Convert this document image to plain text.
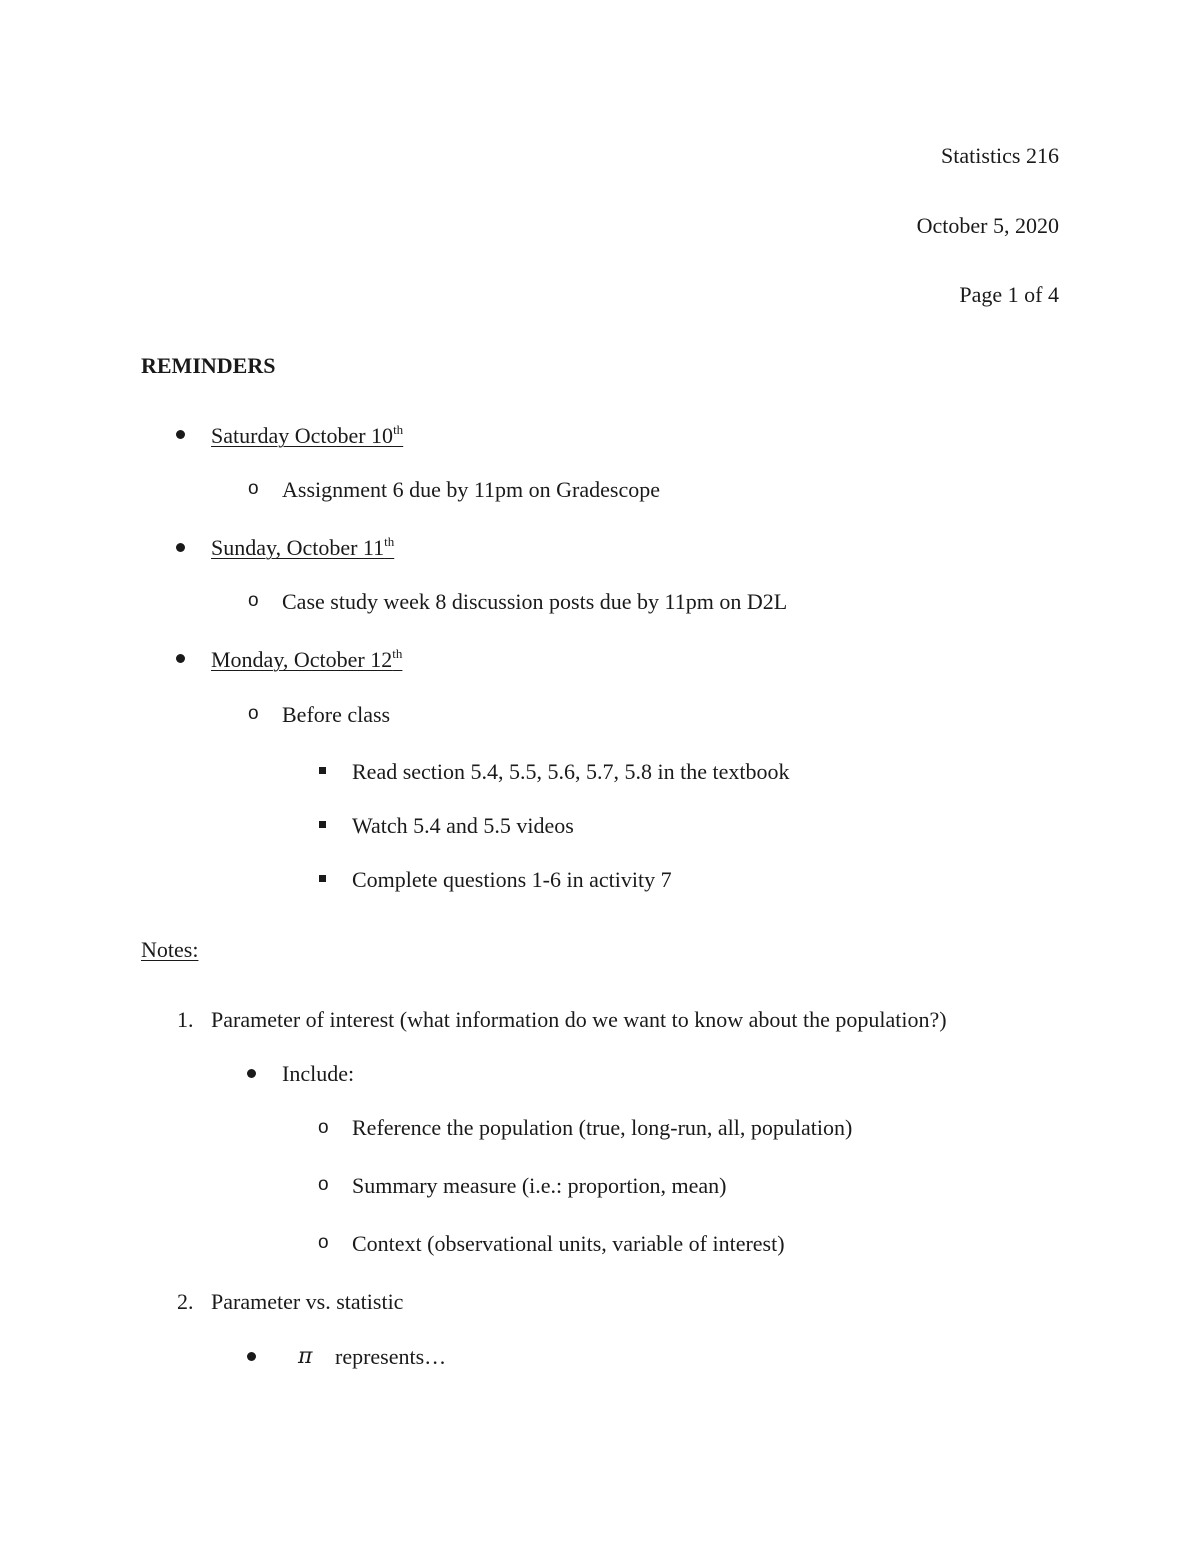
Statistics 216
October 5, 2020
Page 1 of 4
REMINDERS
Saturday October 10th
o Assignment 6 due by 11pm on Gradescope
Sunday, October 11th
o Case study week 8 discussion posts due by 11pm on D2L
Monday, October 12th
o Before class
Read section 5.4, 5.5, 5.6, 5.7, 5.8 in the textbook
Watch 5.4 and 5.5 videos
Complete questions 1-6 in activity 7
Notes:
1. Parameter of interest (what information do we want to know about the population?)
Include:
o Reference the population (true, long-run, all, population)
o Summary measure (i.e.: proportion, mean)
o Context (observational units, variable of interest)
2. Parameter vs. statistic
π represents…
